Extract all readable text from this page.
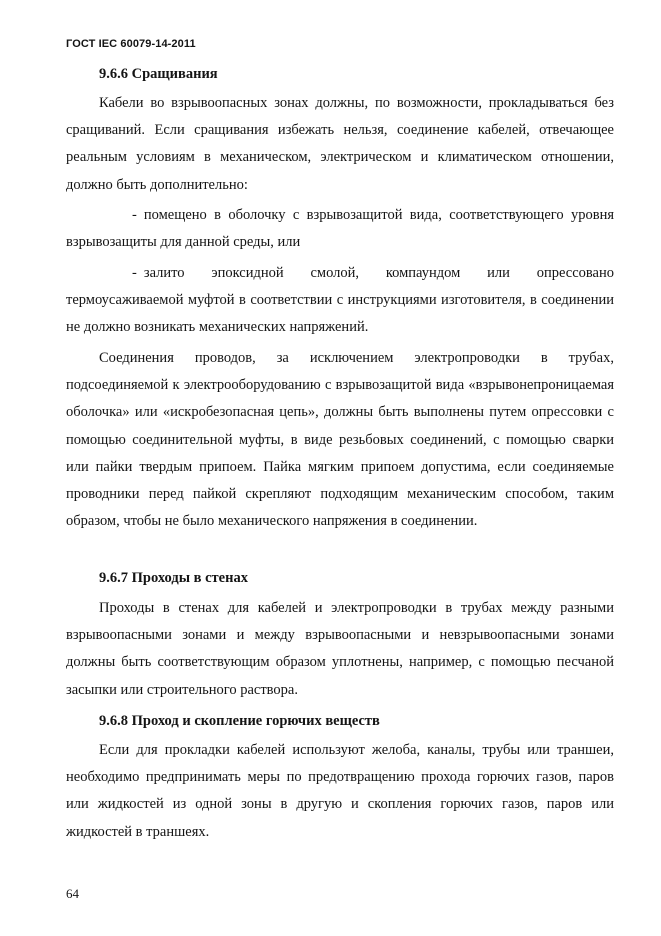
ГОСТ IEC 60079-14-2011
9.6.6 Сращивания
Кабели во взрывоопасных зонах должны, по возможности, прокладываться без сращиваний. Если сращивания избежать нельзя, соединение кабелей, отвечающее реальным условиям в механическом, электрическом и климатическом отношении, должно быть дополнительно:
- помещено в оболочку с взрывозащитой вида, соответствующего уровня взрывозащиты для данной среды, или
- залито эпоксидной смолой, компаундом или опрессовано термоусаживаемой муфтой в соответствии с инструкциями изготовителя, в соединении не должно возникать механических напряжений.
Соединения проводов, за исключением электропроводки в трубах, подсоединяемой к электрооборудованию с взрывозащитой вида «взрывонепроницаемая оболочка» или «искробезопасная цепь», должны быть выполнены путем опрессовки с помощью соединительной муфты, в виде резьбовых соединений, с помощью сварки или пайки твердым припоем. Пайка мягким припоем допустима, если соединяемые проводники перед пайкой скрепляют подходящим механическим способом, таким образом, чтобы не было механического напряжения в соединении.
9.6.7 Проходы в стенах
Проходы в стенах для кабелей и электропроводки в трубах между разными взрывоопасными зонами и между взрывоопасными и невзрывоопасными зонами должны быть соответствующим образом уплотнены, например, с помощью песчаной засыпки или строительного раствора.
9.6.8 Проход и скопление горючих веществ
Если для прокладки кабелей используют желоба, каналы, трубы или траншеи, необходимо предпринимать меры по предотвращению прохода горючих газов, паров или жидкостей из одной зоны в другую и скопления горючих газов, паров или жидкостей в траншеях.
64
